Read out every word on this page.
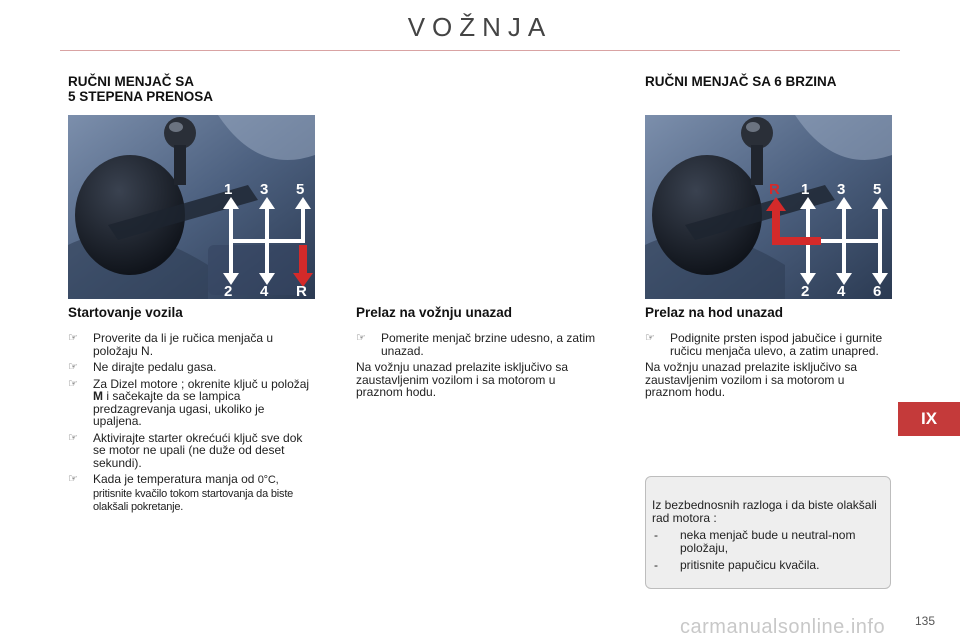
VOŽNJA
RUČNI MENJAČ SA
5 STEPENA PRENOSA
1 3 5
2 4 R
Startovanje vozila
☞ Proverite da li je ručica menjača u položaju N.
☞ Ne dirajte pedalu gasa.
☞ Za Dizel motore ; okrenite ključ u položaj M i sačekajte da se lampica predzagrevanja ugasi, ukoliko je upaljena.
☞ Aktivirajte starter okrećući ključ sve dok se motor ne upali (ne duže od deset sekundi).
☞ Kada je temperatura manja od 0°C, pritisnite kvačilo tokom startovanja da biste olakšali pokretanje.
Prelaz na vožnju unazad
☞ Pomerite menjač brzine udesno, a zatim unazad.
Na vožnju unazad prelazite isključivo sa zaustavljenim vozilom i sa motorom u praznom hodu.
RUČNI MENJAČ SA 6 BRZINA
R 1 3 5
2 4 6
Prelaz na hod unazad
☞ Podignite prsten ispod jabučice i gurnite ručicu menjača ulevo, a zatim unapred.
Na vožnju unazad prelazite isključivo sa zaustavljenim vozilom i sa motorom u praznom hodu.
Iz bezbednosnih razloga i da biste olakšali rad motora :
- neka menjač bude u neutral-nom položaju,
- pritisnite papučicu kvačila.
IX
carmanualsonline.info 135
